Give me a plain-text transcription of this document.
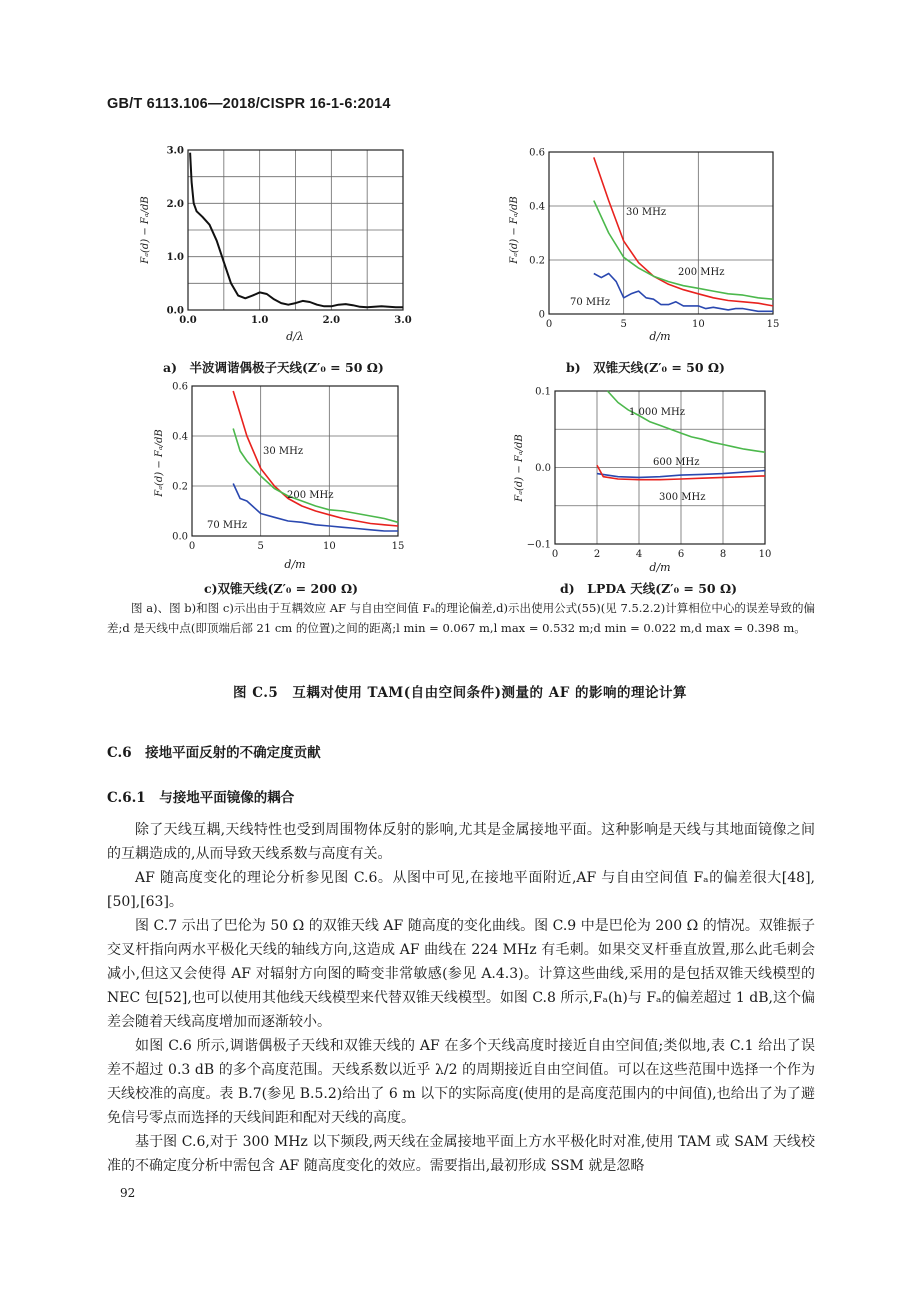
GB/T 6113.106—2018/CISPR 16-1-6:2014
0.0	1.0	2.0	3.0
0.0
1.0
2.0
3.0
Fₐ(d) − Fₐ/dB
d/λ
a)　半波调谐偶极子天线(Z′₀ = 50 Ω)
0	5	10	15
0
0.2
0.4
0.6
Fₐ(d) − Fₐ/dB
d/m
30 MHz
200 MHz
70 MHz
b)　双锥天线(Z′₀ = 50 Ω)
0	5	10	15
0.0
0.2
0.4
0.6
Fₐ(d) − Fₐ/dB
d/m
30 MHz
200 MHz
70 MHz
c)双锥天线(Z′₀ = 200 Ω)
0	2	4	6	8	10
−0.1
0.0
0.1
Fₐ(d) − Fₐ/dB
d/m
1 000 MHz
600 MHz
300 MHz
d)　LPDA 天线(Z′₀ = 50 Ω)
图 a)、图 b)和图 c)示出由于互耦效应 AF 与自由空间值 Fₐ的理论偏差,d)示出使用公式(55)(见 7.5.2.2)计算相位中心的误差导致的偏差;d 是天线中点(即顶端后部 21 cm 的位置)之间的距离;l min = 0.067 m,l max = 0.532 m;d min = 0.022 m,d max = 0.398 m。
图 C.5　互耦对使用 TAM(自由空间条件)测量的 AF 的影响的理论计算
C.6　接地平面反射的不确定度贡献
C.6.1　与接地平面镜像的耦合

除了天线互耦,天线特性也受到周围物体反射的影响,尤其是金属接地平面。这种影响是天线与其地面镜像之间的互耦造成的,从而导致天线系数与高度有关。

AF 随高度变化的理论分析参见图 C.6。从图中可见,在接地平面附近,AF 与自由空间值 Fₐ的偏差很大[48],[50],[63]。

图 C.7 示出了巴伦为 50 Ω 的双锥天线 AF 随高度的变化曲线。图 C.9 中是巴伦为 200 Ω 的情况。双锥振子交叉杆指向两水平极化天线的轴线方向,这造成 AF 曲线在 224 MHz 有毛刺。如果交叉杆垂直放置,那么此毛刺会减小,但这又会使得 AF 对辐射方向图的畸变非常敏感(参见 A.4.3)。计算这些曲线,采用的是包括双锥天线模型的 NEC 包[52],也可以使用其他线天线模型来代替双锥天线模型。如图 C.8 所示,Fₐ(h)与 Fₐ的偏差超过 1 dB,这个偏差会随着天线高度增加而逐渐较小。

如图 C.6 所示,调谐偶极子天线和双锥天线的 AF 在多个天线高度时接近自由空间值;类似地,表 C.1 给出了误差不超过 0.3 dB 的多个高度范围。天线系数以近乎 λ/2 的周期接近自由空间值。可以在这些范围中选择一个作为天线校准的高度。表 B.7(参见 B.5.2)给出了 6 m 以下的实际高度(使用的是高度范围内的中间值),也给出了为了避免信号零点而选择的天线间距和配对天线的高度。

基于图 C.6,对于 300 MHz 以下频段,两天线在金属接地平面上方水平极化时对准,使用 TAM 或 SAM 天线校准的不确定度分析中需包含 AF 随高度变化的效应。需要指出,最初形成 SSM 就是忽略

92
